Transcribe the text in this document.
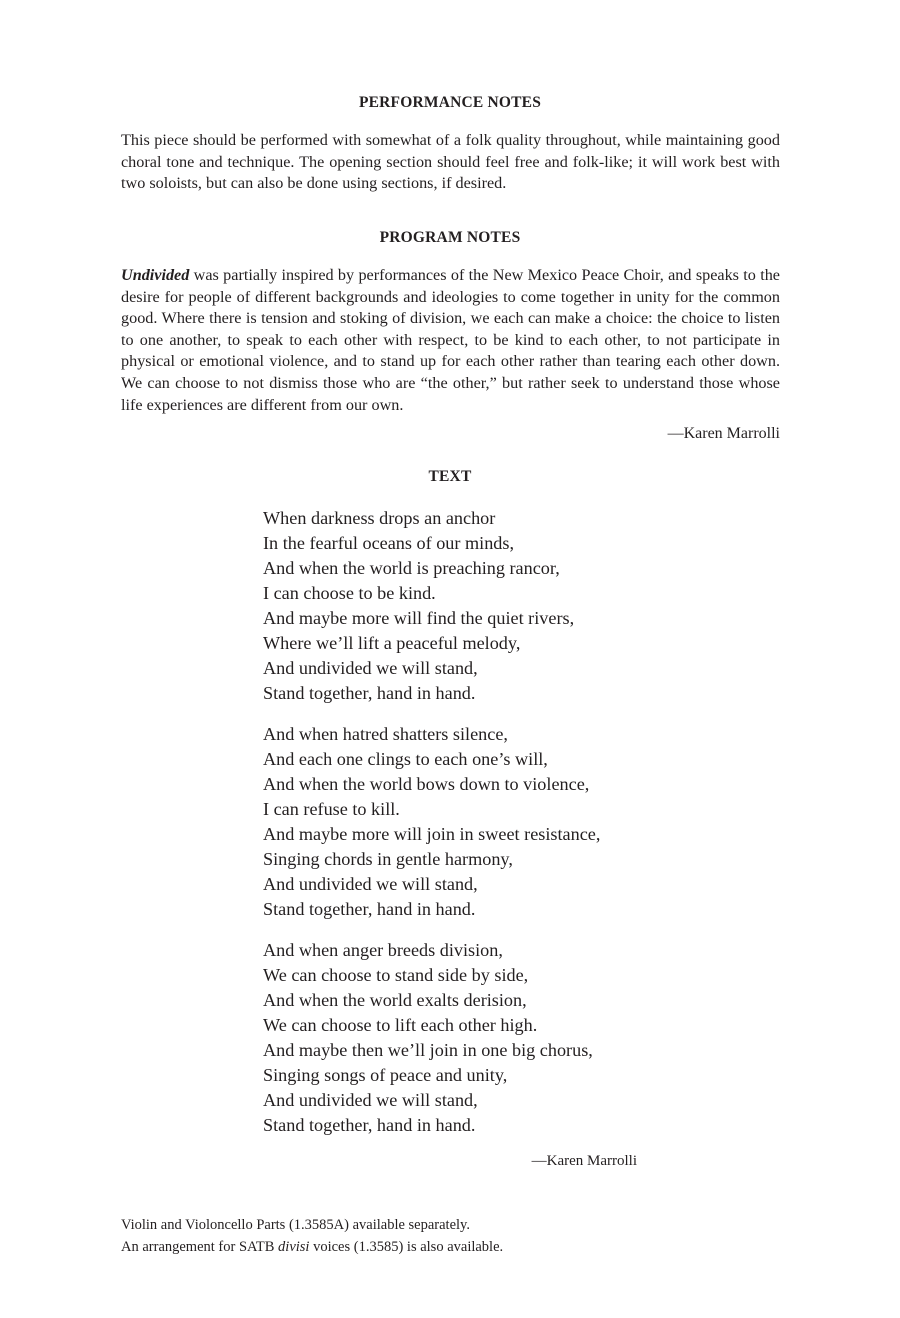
PERFORMANCE NOTES

This piece should be performed with somewhat of a folk quality throughout, while maintaining good choral tone and technique. The opening section should feel free and folk-like; it will work best with two soloists, but can also be done using sections, if desired.

PROGRAM NOTES

Undivided was partially inspired by performances of the New Mexico Peace Choir, and speaks to the desire for people of different backgrounds and ideologies to come together in unity for the common good. Where there is tension and stoking of division, we each can make a choice: the choice to listen to one another, to speak to each other with respect, to be kind to each other, to not participate in physical or emotional violence, and to stand up for each other rather than tearing each other down. We can choose to not dismiss those who are “the other,” but rather seek to understand those whose life experiences are different from our own.

—Karen Marrolli

TEXT
When darkness drops an anchor
In the fearful oceans of our minds,
And when the world is preaching rancor,
I can choose to be kind.
And maybe more will find the quiet rivers,
Where we’ll lift a peaceful melody,
And undivided we will stand,
Stand together, hand in hand.
And when hatred shatters silence,
And each one clings to each one’s will,
And when the world bows down to violence,
I can refuse to kill.
And maybe more will join in sweet resistance,
Singing chords in gentle harmony,
And undivided we will stand,
Stand together, hand in hand.
And when anger breeds division,
We can choose to stand side by side,
And when the world exalts derision,
We can choose to lift each other high.
And maybe then we’ll join in one big chorus,
Singing songs of peace and unity,
And undivided we will stand,
Stand together, hand in hand.

—Karen Marrolli

Violin and Violoncello Parts (1.3585A) available separately.
An arrangement for SATB divisi voices (1.3585) is also available.
